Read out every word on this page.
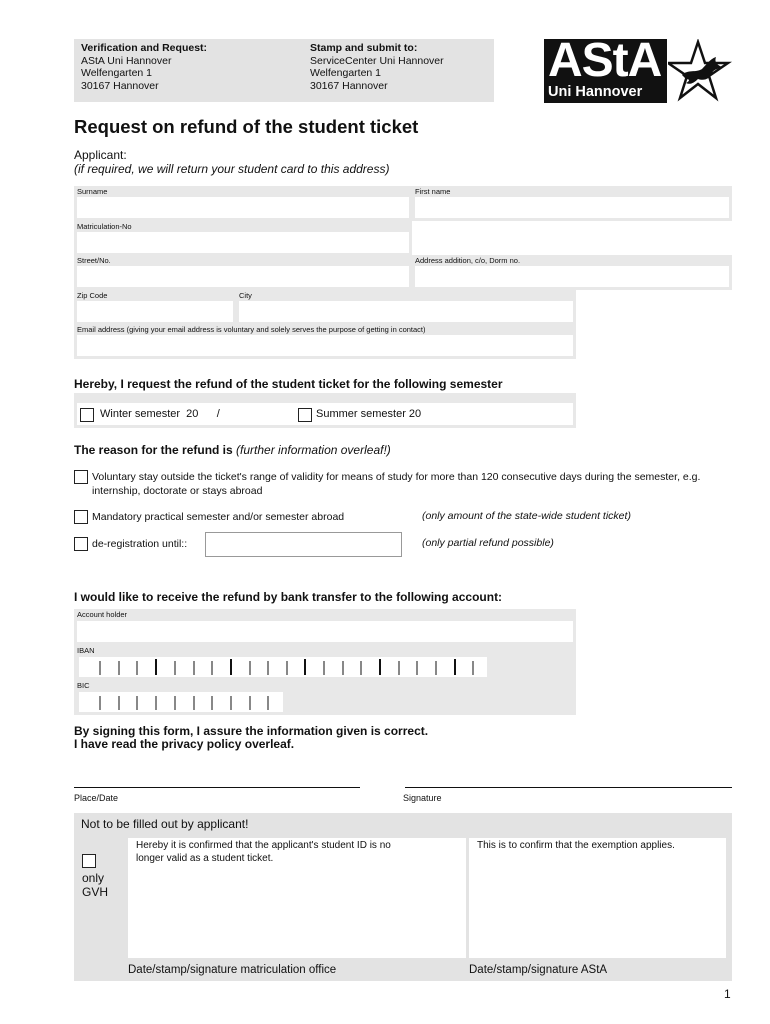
Verification and Request:
AStA Uni Hannover
Welfengarten 1
30167 Hannover
Stamp and submit to:
ServiceCenter Uni Hannover
Welfengarten 1
30167 Hannover	AStA
Uni Hannover
Request on refund of the student ticket
Applicant:
(if required, we will return your student card to this address)
Surname	First name
Matriculation-No
Street/No.	Address addition, c/o, Dorm no.
Zip Code	City
Email address (giving your email address is voluntary and solely serves the purpose of getting in contact)
Hereby, I request the refund of the student ticket for the following semester
Winter semester  20      /	Summer semester 20
The reason for the refund is (further information overleaf!)
Voluntary stay outside the ticket's range of validity for means of study for more than 120 consecutive days during the semester, e.g. internship, doctorate or stays abroad
Mandatory practical semester and/or semester abroad	(only amount of the state-wide student ticket)
de-registration until::	(only partial refund possible)
I would like to receive the refund by bank transfer to the following account:
Account holder
IBAN
BIC
By signing this form, I assure the information given is correct.
I have read the privacy policy overleaf.
Place/Date	Signature
Not to be filled out by applicant!
only
GVH
Hereby it is confirmed that the applicant's student ID is no longer valid as a student ticket.
This is to confirm that the exemption applies.
Date/stamp/signature matriculation office	Date/stamp/signature AStA
1
